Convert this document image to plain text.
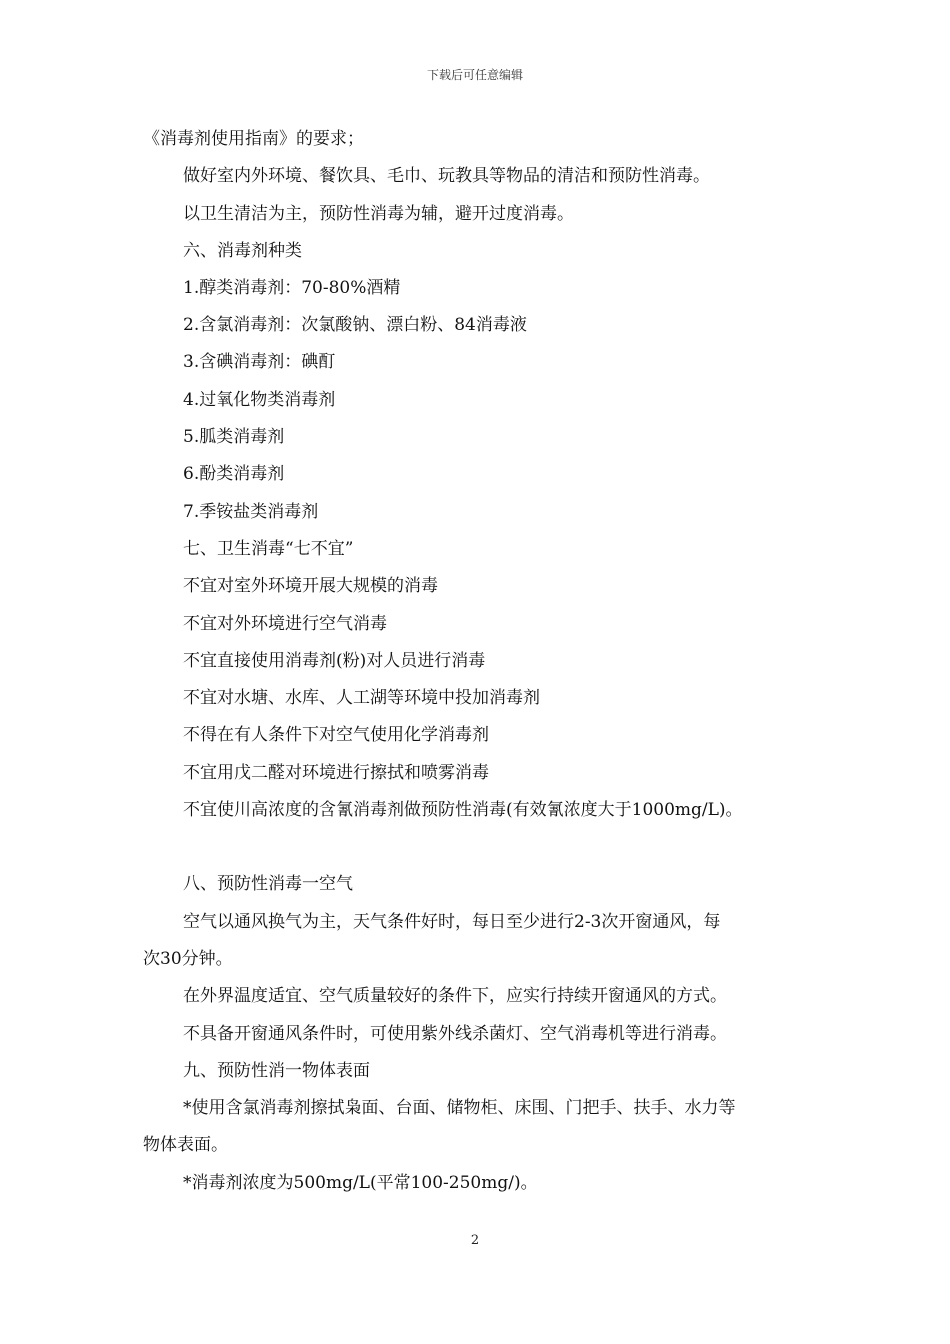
下载后可任意编辑
《消毒剂使用指南》的要求；
做好室内外环境、餐饮具、毛巾、玩教具等物品的清洁和预防性消毒。
以卫生清洁为主，预防性消毒为辅，避开过度消毒。
六、消毒剂种类
1.醇类消毒剂：70-80%酒精
2.含氯消毒剂：次氯酸钠、漂白粉、84消毒液
3.含碘消毒剂：碘酊
4.过氧化物类消毒剂
5.胍类消毒剂
6.酚类消毒剂
7.季铵盐类消毒剂
七、卫生消毒“七不宜”
不宜对室外环境开展大规模的消毒
不宜对外环境进行空气消毒
不宜直接使用消毒剂(粉)对人员进行消毒
不宜对水塘、水库、人工湖等环境中投加消毒剂
不得在有人条件下对空气使用化学消毒剂
不宜用戊二醛对环境进行擦拭和喷雾消毒
不宜使川高浓度的含氰消毒剂做预防性消毒(有效氰浓度大于1000mg/L)。
八、预防性消毒一空气
空气以通风换气为主，天气条件好时，每日至少进行2-3次开窗通风，每
次30分钟。
在外界温度适宜、空气质量较好的条件下，应实行持续开窗通风的方式。
不具备开窗通风条件时，可使用紫外线杀菌灯、空气消毒机等进行消毒。
九、预防性消一物体表面
*使用含氯消毒剂擦拭枭面、台面、储物柜、床围、门把手、扶手、水力等
物体表面。
*消毒剂浓度为500mg/L(平常100-250mg/)。
2
